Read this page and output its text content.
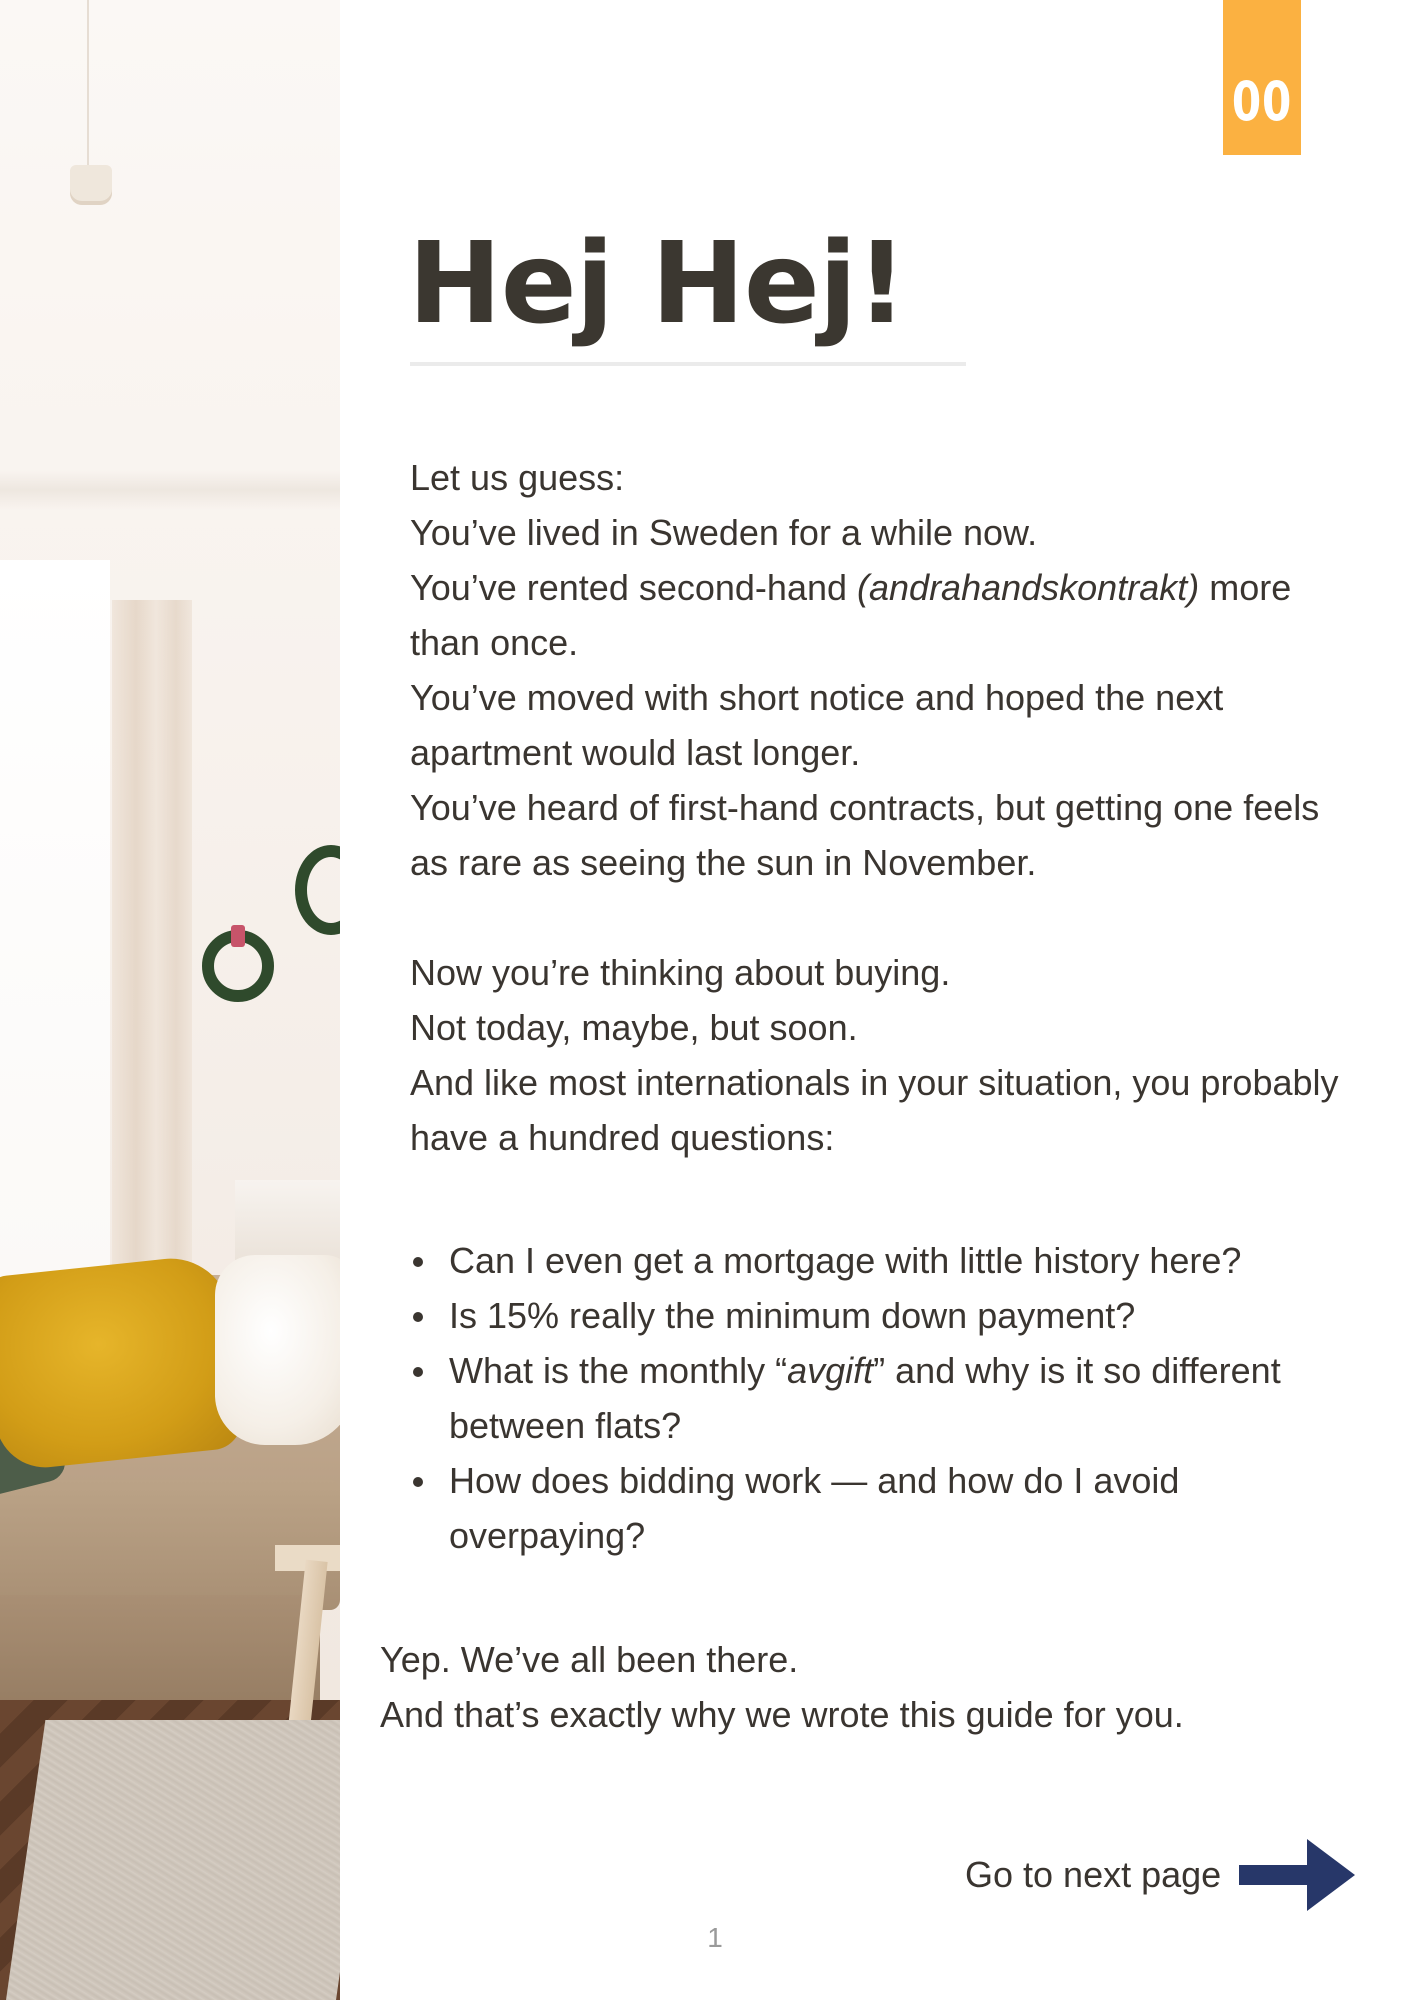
00
Hej Hej!

Let us guess:

You’ve lived in Sweden for a while now.

You’ve rented second-hand (andrahandskontrakt) more than once.

You’ve moved with short notice and hoped the next apartment would last longer.

You’ve heard of first-hand contracts, but getting one feels as rare as seeing the sun in November.

Now you’re thinking about buying.

Not today, maybe, but soon.

And like most internationals in your situation, you probably have a hundred questions:

Can I even get a mortgage with little history here?
Is 15% really the minimum down payment?
What is the monthly “avgift” and why is it so different between flats?
How does bidding work — and how do I avoid overpaying?

Yep. We’ve all been there.

And that’s exactly why we wrote this guide for you.

Go to next page
1
